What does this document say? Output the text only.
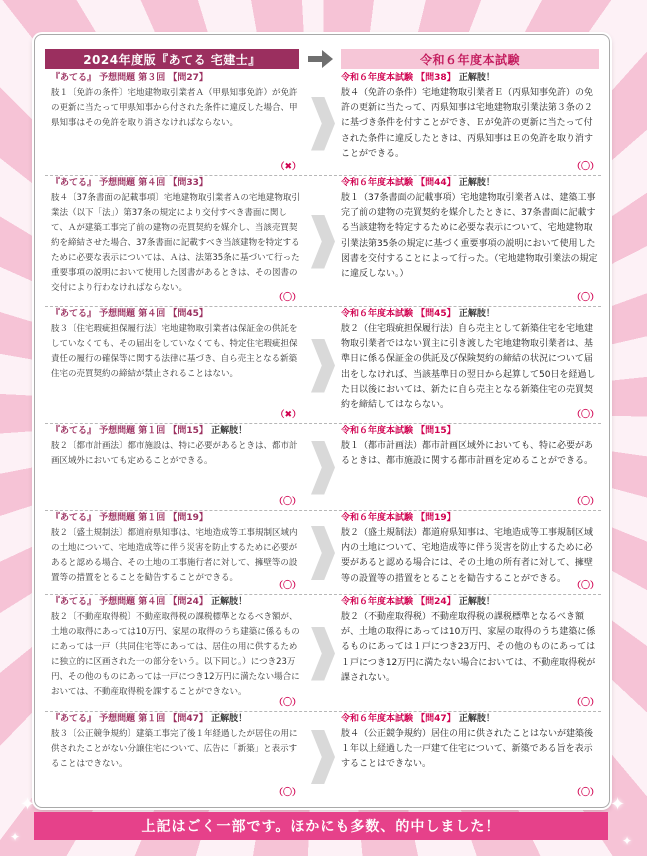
2024年度版『あてる 宅建士』	令和６年度本試験
『あてる』 予想問題 第３回 【問27】
肢１〔免許の条件〕宅地建物取引業者Ａ（甲県知事免許）が免許の更新に当たって甲県知事から付された条件に違反した場合、甲県知事はその免許を取り消さなければならない。
（✖）
令和６年度本試験 【問38】 正解肢！
肢４（免許の条件）宅地建物取引業者Ｅ（丙県知事免許）の免許の更新に当たって、丙県知事は宅地建物取引業法第３条の２に基づき条件を付すことができ、Ｅが免許の更新に当たって付された条件に違反したときは、丙県知事はＥの免許を取り消すことができる。
（〇）
『あてる』 予想問題 第４回 【問33】
肢４〔37条書面の記載事項〕宅地建物取引業者Ａの宅地建物取引業法（以下「法」）第37条の規定により交付すべき書面に関して、Ａが建築工事完了前の建物の売買契約を媒介し、当該売買契約を締結させた場合、37条書面に記載すべき当該建物を特定するために必要な表示については、Ａは、法第35条に基づいて行った重要事項の説明において使用した図書があるときは、その図書の交付により行わなければならない。
（〇）
令和６年度本試験 【問44】 正解肢！
肢１（37条書面の記載事項）宅地建物取引業者Ａは、建築工事完了前の建物の売買契約を媒介したときに、37条書面に記載する当該建物を特定するために必要な表示について、宅地建物取引業法第35条の規定に基づく重要事項の説明において使用した図書を交付することによって行った。（宅地建物取引業法の規定に違反しない。）
（〇）
『あてる』 予想問題 第４回 【問45】
肢３〔住宅瑕疵担保履行法〕宅地建物取引業者は保証金の供託をしていなくても、その届出をしていなくても、特定住宅瑕疵担保責任の履行の確保等に関する法律に基づき、自ら売主となる新築住宅の売買契約の締結が禁止されることはない。
（✖）
令和６年度本試験 【問45】 正解肢！
肢２（住宅瑕疵担保履行法）自ら売主として新築住宅を宅地建物取引業者ではない買主に引き渡した宅地建物取引業者は、基準日に係る保証金の供託及び保険契約の締結の状況について届出をしなければ、当該基準日の翌日から起算して50日を経過した日以後においては、新たに自ら売主となる新築住宅の売買契約を締結してはならない。
（〇）
『あてる』 予想問題 第１回 【問15】 正解肢！
肢２〔都市計画法〕都市施設は、特に必要があるときは、都市計画区域外においても定めることができる。
（〇）
令和６年度本試験 【問15】
肢１（都市計画法）都市計画区域外においても、特に必要があるときは、都市施設に関する都市計画を定めることができる。
（〇）
『あてる』 予想問題 第１回 【問19】
肢２〔盛土規制法〕都道府県知事は、宅地造成等工事規制区域内の土地について、宅地造成等に伴う災害を防止するために必要があると認める場合、その土地の工事施行者に対して、擁壁等の設置等の措置をとることを勧告することができる。
（〇）
令和６年度本試験 【問19】
肢２（盛土規制法）都道府県知事は、宅地造成等工事規制区域内の土地について、宅地造成等に伴う災害を防止するために必要があると認める場合には、その土地の所有者に対して、擁壁等の設置等の措置をとることを勧告することができる。
（〇）
『あてる』 予想問題 第４回 【問24】 正解肢！
肢２〔不動産取得税〕不動産取得税の課税標準となるべき額が、土地の取得にあっては10万円、家屋の取得のうち建築に係るものにあっては一戸（共同住宅等にあっては、居住の用に供するために独立的に区画された一の部分をいう。以下同じ。）につき23万円、その他のものにあっては一戸につき12万円に満たない場合においては、不動産取得税を課することができない。
（〇）
令和６年度本試験 【問24】 正解肢！
肢２（不動産取得税）不動産取得税の課税標準となるべき額が、土地の取得にあっては10万円、家屋の取得のうち建築に係るものにあっては１戸につき23万円、その他のものにあっては１戸につき12万円に満たない場合においては、不動産取得税が課されない。
（〇）
『あてる』 予想問題 第１回 【問47】 正解肢！
肢３〔公正競争規約〕建築工事完了後１年経過したが居住の用に供されたことがない分譲住宅について、広告に「新築」と表示することはできない。
（〇）
令和６年度本試験 【問47】 正解肢！
肢４（公正競争規約）居住の用に供されたことはないが建築後１年以上経過した一戸建て住宅について、新築である旨を表示することはできない。
（〇）
上記はごく一部です。ほかにも多数、的中しました！
✦	✦
✦	✦
